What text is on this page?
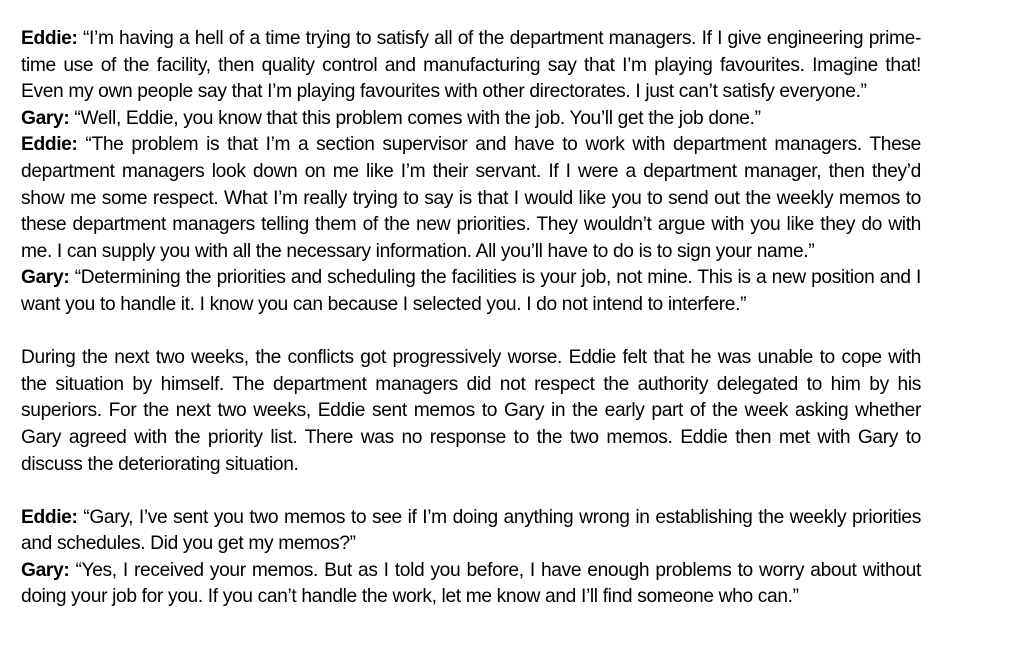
Eddie: “I’m having a hell of a time trying to satisfy all of the department managers. If I give engineering prime-time use of the facility, then quality control and manufacturing say that I’m playing favourites. Imagine that! Even my own people say that I’m playing favourites with other directorates. I just can’t satisfy everyone.”

Gary: “Well, Eddie, you know that this problem comes with the job. You’ll get the job done.”

Eddie: “The problem is that I’m a section supervisor and have to work with department managers. These department managers look down on me like I’m their servant. If I were a department manager, then they’d show me some respect. What I’m really trying to say is that I would like you to send out the weekly memos to these department managers telling them of the new priorities. They wouldn’t argue with you like they do with me. I can supply you with all the necessary information. All you’ll have to do is to sign your name.”

Gary: “Determining the priorities and scheduling the facilities is your job, not mine. This is a new position and I want you to handle it. I know you can because I selected you. I do not intend to interfere.”

During the next two weeks, the conflicts got progressively worse. Eddie felt that he was unable to cope with the situation by himself. The department managers did not respect the authority delegated to him by his superiors. For the next two weeks, Eddie sent memos to Gary in the early part of the week asking whether Gary agreed with the priority list. There was no response to the two memos. Eddie then met with Gary to discuss the deteriorating situation.

Eddie: “Gary, I’ve sent you two memos to see if I’m doing anything wrong in establishing the weekly priorities and schedules. Did you get my memos?”

Gary: “Yes, I received your memos. But as I told you before, I have enough problems to worry about without doing your job for you. If you can’t handle the work, let me know and I’ll find someone who can.”
